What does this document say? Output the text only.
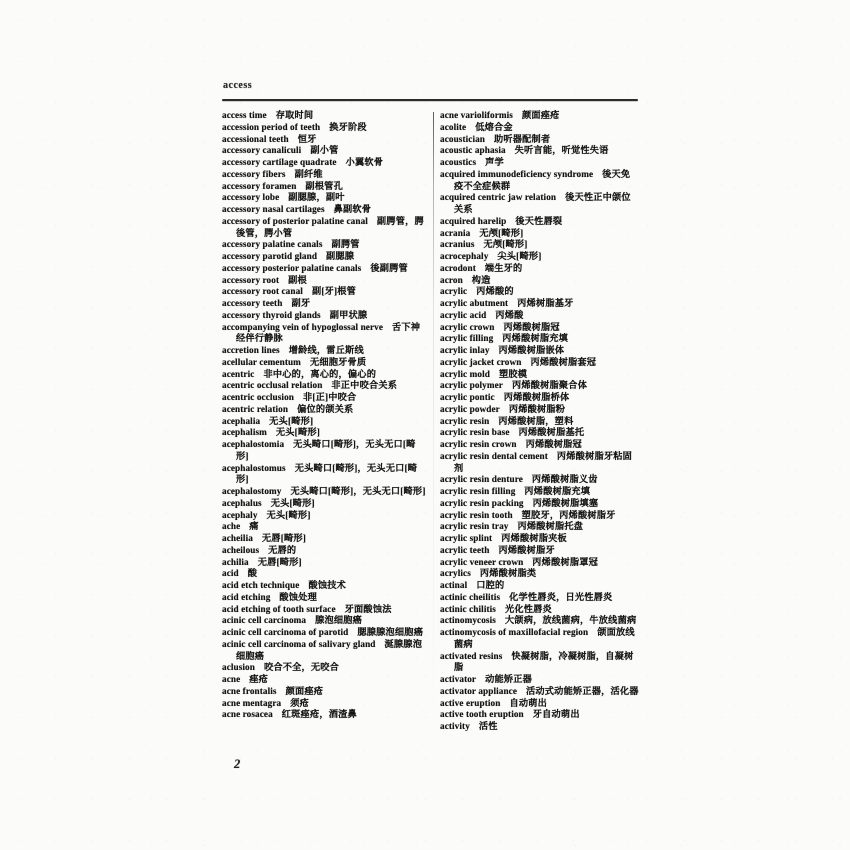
access
access time 存取时间
accession period of teeth 换牙阶段
accessional teeth 恒牙
accessory canaliculi 副小管
accessory cartilage quadrate 小翼软骨
accessory fibers 副纤维
accessory foramen 副根管孔
accessory lobe 副腮腺，副叶
accessory nasal cartilages 鼻副软骨
accessory of posterior palatine canal 副腭管，腭後管，腭小管
accessory palatine canals 副腭管
accessory parotid gland 副腮腺
accessory posterior palatine canals 後副腭管
accessory root 副根
accessory root canal 副[牙]根管
accessory teeth 副牙
accessory thyroid glands 副甲状腺
accompanying vein of hypoglossal nerve 舌下神经伴行静脉
accretion lines 增龄线，雷丘斯线
acellular cementum 无细胞牙骨质
acentric 非中心的，离心的，偏心的
acentric occlusal relation 非正中咬合关系
acentric occlusion 非[正]中咬合
acentric relation 偏位的颌关系
acephalia 无头[畸形]
acephalism 无头[畸形]
acephalostomia 无头畸口[畸形]，无头无口[畸形]
acephalostomus 无头畸口[畸形]，无头无口[畸形]
acephalostomy 无头畸口[畸形]，无头无口[畸形]
acephalus 无头[畸形]
acephaly 无头[畸形]
ache 痛
acheilia 无唇[畸形]
acheilous 无唇的
achilia 无唇[畸形]
acid 酸
acid etch technique 酸蚀技术
acid etching 酸蚀处理
acid etching of tooth surface 牙面酸蚀法
acinic cell carcinoma 腺泡细胞癌
acinic cell carcinoma of parotid 腮腺腺泡细胞癌
acinic cell carcinoma of salivary gland 涎腺腺泡细胞癌
aclusion 咬合不全，无咬合
acne 痤疮
acne frontalis 颜面痤疮
acne mentagra 须疮
acne rosacea 红斑痤疮，酒渣鼻
acne varioliformis 颜面痤疮
acolite 低熔合金
acoustician 助听器配制者
acoustic aphasia 失听言能，听觉性失语
acoustics 声学
acquired immunodeficiency syndrome 後天免疫不全症候群
acquired centric jaw relation 後天性正中颌位关系
acquired harelip 後天性唇裂
acrania 无颅[畸形]
acranius 无颅[畸形]
acrocephaly 尖头[畸形]
acrodont 端生牙的
acron 构造
acrylic 丙烯酸的
acrylic abutment 丙烯树脂基牙
acrylic acid 丙烯酸
acrylic crown 丙烯酸树脂冠
acrylic filling 丙烯酸树脂充填
acrylic inlay 丙烯酸树脂嵌体
acrylic jacket crown 丙烯酸树脂套冠
acrylic mold 塑胶模
acrylic polymer 丙烯酸树脂聚合体
acrylic pontic 丙烯酸树脂桥体
acrylic powder 丙烯酸树脂粉
acrylic resin 丙烯酸树脂，塑料
acrylic resin base 丙烯酸树脂基托
acrylic resin crown 丙烯酸树脂冠
acrylic resin dental cement 丙烯酸树脂牙粘固剂
acrylic resin denture 丙烯酸树脂义齿
acrylic resin filling 丙烯酸树脂充填
acrylic resin packing 丙烯酸树脂填塞
acrylic resin tooth 塑胶牙，丙烯酸树脂牙
acrylic resin tray 丙烯酸树脂托盘
acrylic splint 丙烯酸树脂夹板
acrylic teeth 丙烯酸树脂牙
acrylic veneer crown 丙烯酸树脂罩冠
acrylics 丙烯酸树脂类
actinal 口腔的
actinic cheilitis 化学性唇炎，日光性唇炎
actinic chilitis 光化性唇炎
actinomycosis 大颌病，放线菌病，牛放线菌病
actinomycosis of maxillofacial region 颌面放线菌病
activated resins 快凝树脂，冷凝树脂，自凝树脂
activator 动能矫正器
activator appliance 活动式动能矫正器，活化器
active eruption 自动萌出
active tooth eruption 牙自动萌出
activity 活性
2
